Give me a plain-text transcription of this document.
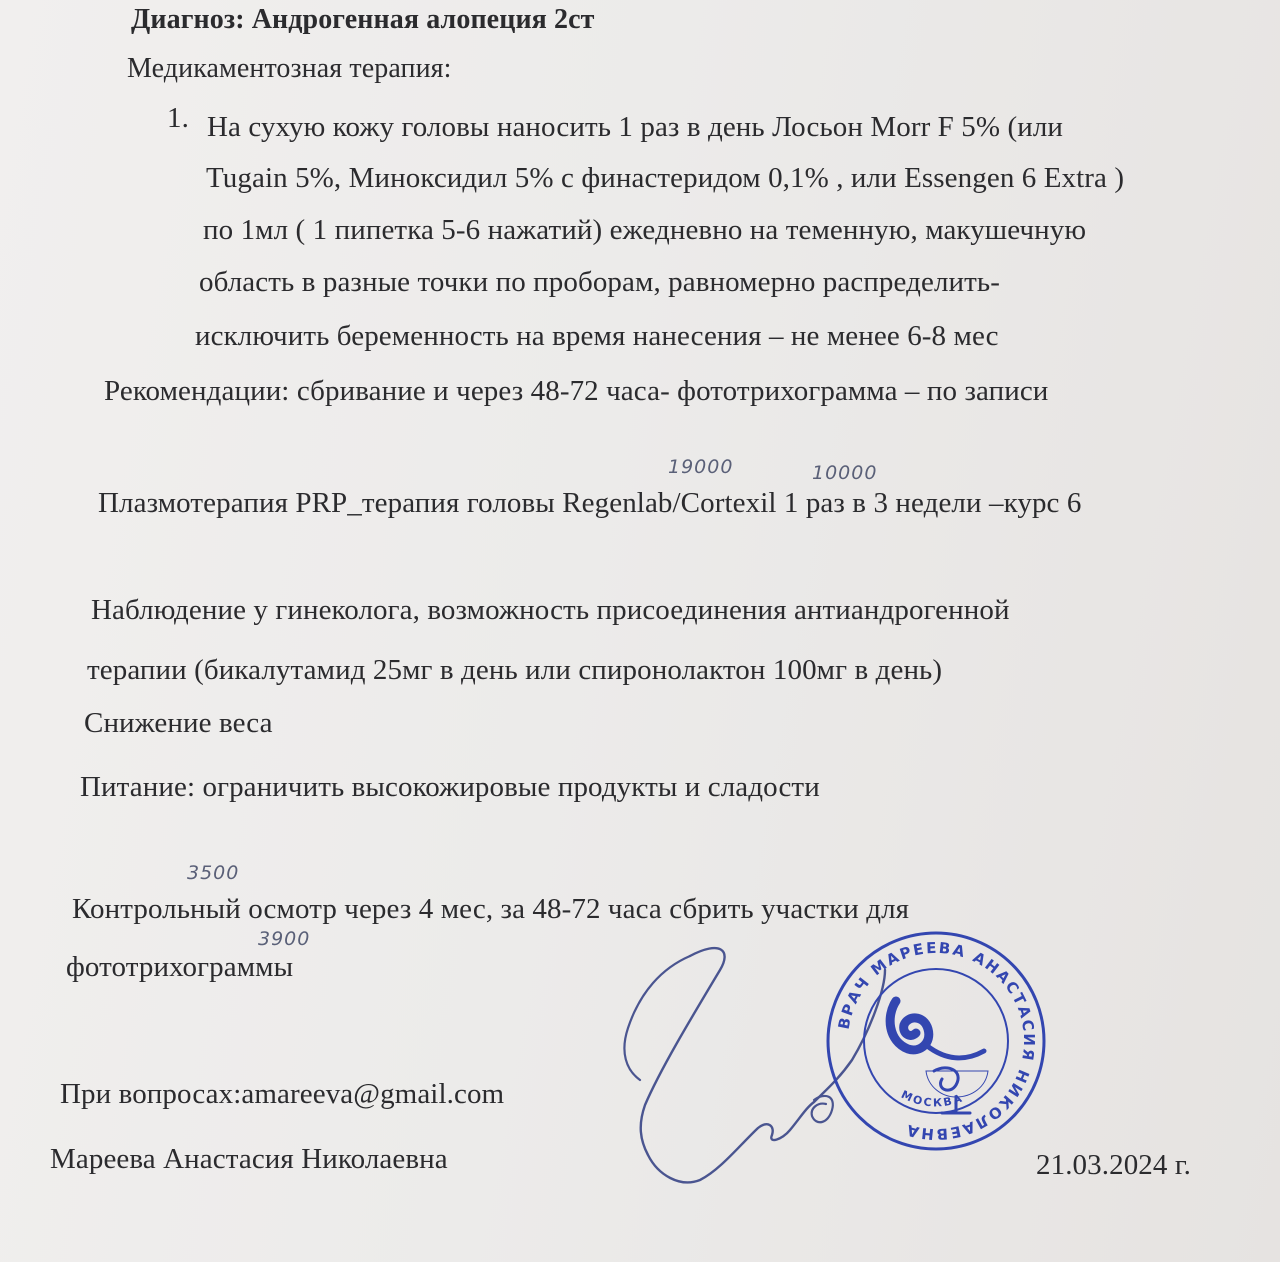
Диагноз: Андрогенная алопеция 2ст
Медикаментозная терапия:
1. На сухую кожу головы наносить 1 раз в день Лосьон Morr F 5% (или
Tugain 5%, Миноксидил 5% с финастеридом 0,1% , или Essengen 6 Extra )
по 1мл ( 1 пипетка 5-6 нажатий) ежедневно на теменную, макушечную
область в разные точки по проборам, равномерно распределить-
исключить беременность на время нанесения – не менее 6-8 мес
Рекомендации: сбривание и через 48-72 часа- фототрихограмма – по записи
19000	10000
Плазмотерапия PRP_терапия головы Regenlab/Cortexil 1 раз в 3 недели –курс 6
Наблюдение у гинеколога, возможность присоединения антиандрогенной
терапии (бикалутамид 25мг в день или спиронолактон 100мг в день)
Снижение веса
Питание: ограничить высокожировые продукты и сладости
3500
Контрольный осмотр через 4 мес, за 48-72 часа сбрить участки для
3900
фототрихограммы
При вопросах:amareeva@gmail.com
Мареева Анастасия Николаевна	21.03.2024 г.
ВРАЧ МАРЕЕВА АНАСТАСИЯ НИКОЛАЕВНА
МОСКВА
